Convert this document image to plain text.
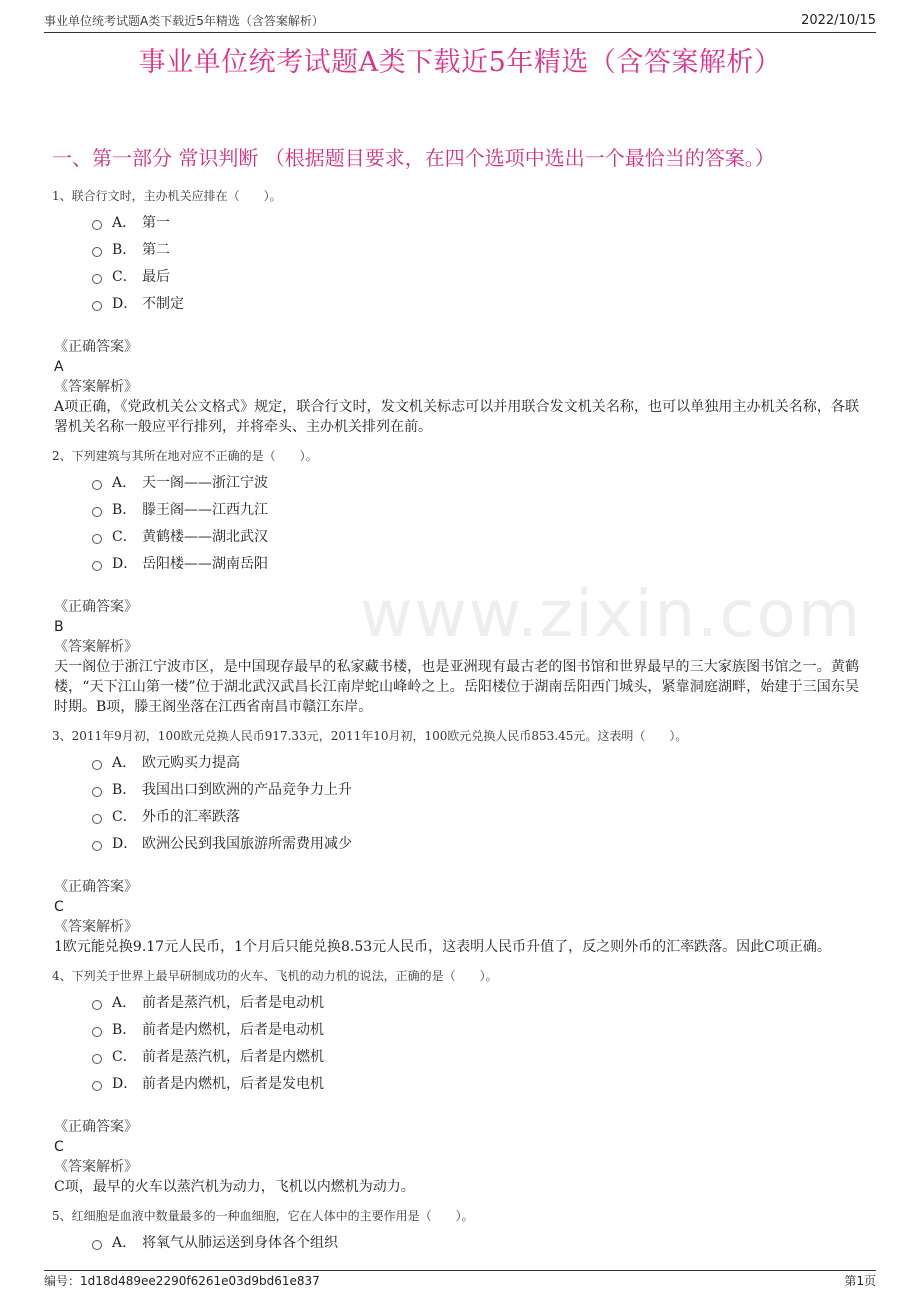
事业单位统考试题A类下载近5年精选（含答案解析）	2022/10/15
www.zixin.com
事业单位统考试题A类下载近5年精选（含答案解析）
一、第一部分 常识判断 （根据题目要求，在四个选项中选出一个最恰当的答案。）
1、联合行文时，主办机关应排在（　　）。
A． 第一
B． 第二
C． 最后
D． 不制定
《正确答案》
A
《答案解析》
A项正确，《党政机关公文格式》规定，联合行文时，发文机关标志可以并用联合发文机关名称，也可以单独用主办机关名称，各联署机关名称一般应平行排列，并将牵头、主办机关排列在前。
2、下列建筑与其所在地对应不正确的是（　　）。
A． 天一阁——浙江宁波
B． 滕王阁——江西九江
C． 黄鹤楼——湖北武汉
D． 岳阳楼——湖南岳阳
《正确答案》
B
《答案解析》
天一阁位于浙江宁波市区，是中国现存最早的私家藏书楼，也是亚洲现有最古老的图书馆和世界最早的三大家族图书馆之一。黄鹤楼，“天下江山第一楼”位于湖北武汉武昌长江南岸蛇山峰岭之上。岳阳楼位于湖南岳阳西门城头，紧靠洞庭湖畔，始建于三国东吴时期。B项，滕王阁坐落在江西省南昌市赣江东岸。
3、2011年9月初，100欧元兑换人民币917.33元，2011年10月初，100欧元兑换人民币853.45元。这表明（　　）。
A． 欧元购买力提高
B． 我国出口到欧洲的产品竞争力上升
C． 外币的汇率跌落
D． 欧洲公民到我国旅游所需费用减少
《正确答案》
C
《答案解析》
1欧元能兑换9.17元人民币，1个月后只能兑换8.53元人民币，这表明人民币升值了，反之则外币的汇率跌落。因此C项正确。
4、下列关于世界上最早研制成功的火车、飞机的动力机的说法，正确的是（　　）。
A． 前者是蒸汽机，后者是电动机
B． 前者是内燃机，后者是电动机
C． 前者是蒸汽机，后者是内燃机
D． 前者是内燃机，后者是发电机
《正确答案》
C
《答案解析》
C项，最早的火车以蒸汽机为动力，飞机以内燃机为动力。
5、红细胞是血液中数量最多的一种血细胞，它在人体中的主要作用是（　　）。
A． 将氧气从肺运送到身体各个组织
编号：1d18d489ee2290f6261e03d9bd61e837	第1页
